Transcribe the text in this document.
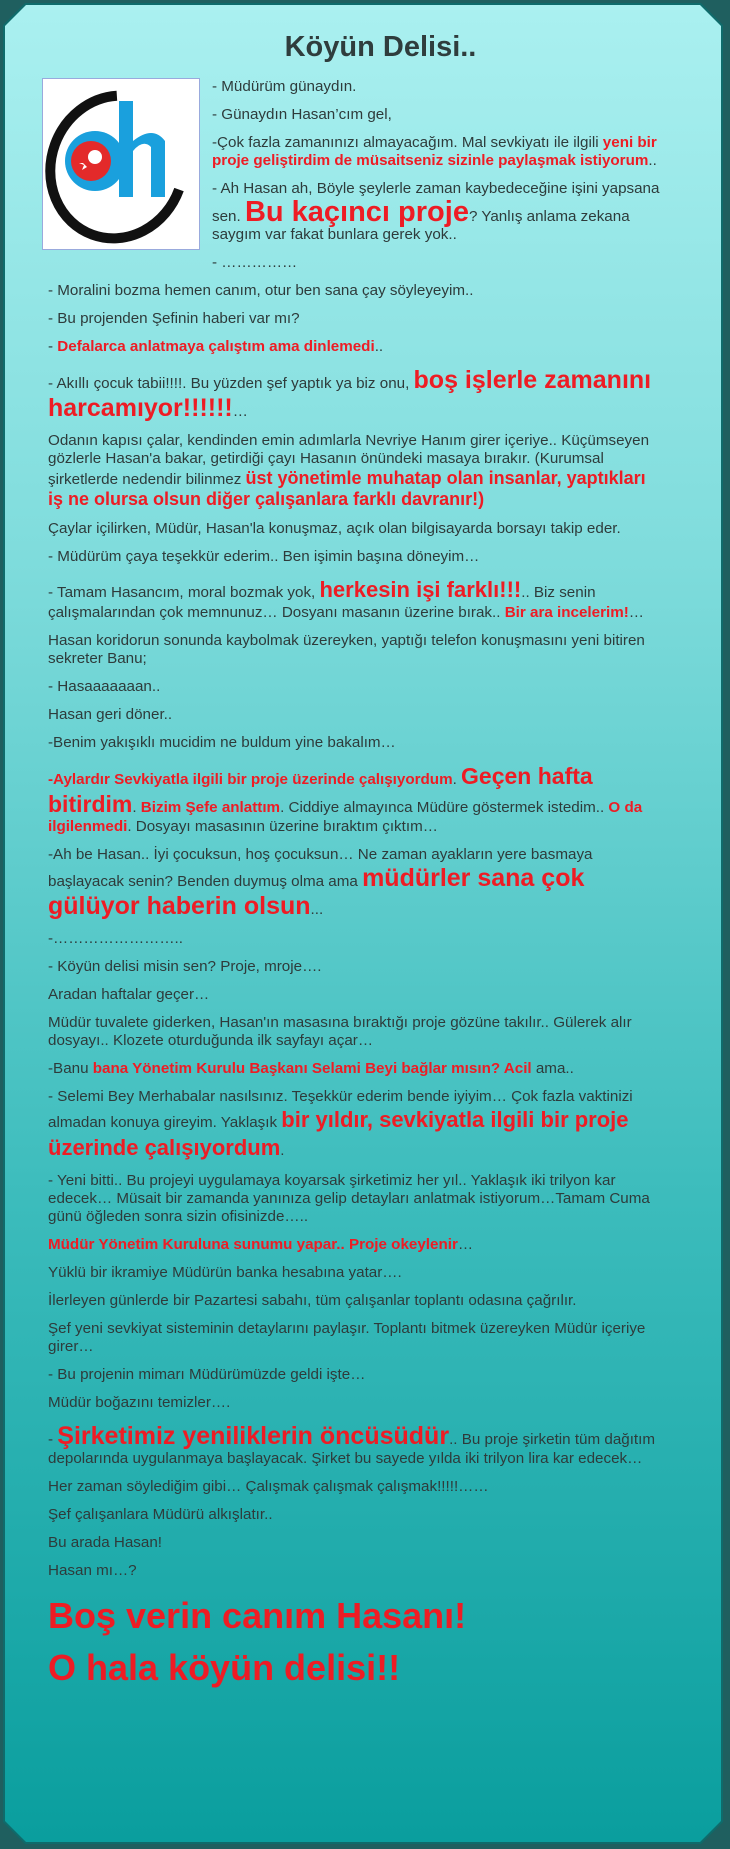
Köyün Delisi..

- Müdürüm günaydın.

- Günaydın Hasan’cım gel,

-Çok fazla zamanınızı almayacağım. Mal sevkiyatı ile ilgili yeni bir proje geliştirdim de müsaitseniz sizinle paylaşmak istiyorum..

- Ah Hasan ah, Böyle şeylerle zaman kaybedeceğine işini yapsana sen. Bu kaçıncı proje? Yanlış anlama zekana saygım var fakat bunlara gerek yok..

- ……………

- Moralini bozma hemen canım, otur ben sana çay söyleyeyim..

- Bu projenden Şefinin haberi var mı?

- Defalarca anlatmaya çalıştım ama dinlemedi..

- Akıllı çocuk tabii!!!!. Bu yüzden şef yaptık ya biz onu, boş işlerle zamanını harcamıyor!!!!!!…

Odanın kapısı çalar, kendinden emin adımlarla Nevriye Hanım girer içeriye.. Küçümseyen gözlerle Hasan'a bakar, getirdiği çayı Hasanın önündeki masaya bırakır. (Kurumsal şirketlerde nedendir bilinmez üst yönetimle muhatap olan insanlar, yaptıkları iş ne olursa olsun diğer çalışanlara farklı davranır!)

Çaylar içilirken, Müdür, Hasan'la konuşmaz, açık olan bilgisayarda borsayı takip eder.

- Müdürüm çaya teşekkür ederim.. Ben işimin başına döneyim…

- Tamam Hasancım, moral bozmak yok, herkesin işi farklı!!!.. Biz senin çalışmalarından çok memnunuz… Dosyanı masanın üzerine bırak.. Bir ara incelerim!…

Hasan koridorun sonunda kaybolmak üzereyken, yaptığı telefon konuşmasını yeni bitiren sekreter Banu;

- Hasaaaaaaan..

Hasan geri döner..

-Benim yakışıklı mucidim ne buldum yine bakalım…

-Aylardır Sevkiyatla ilgili bir proje üzerinde çalışıyordum. Geçen hafta bitirdim. Bizim Şefe anlattım. Ciddiye almayınca Müdüre göstermek istedim.. O da ilgilenmedi. Dosyayı masasının üzerine bıraktım çıktım…

-Ah be Hasan.. İyi çocuksun, hoş çocuksun… Ne zaman ayakların yere basmaya başlayacak senin? Benden duymuş olma ama müdürler sana çok gülüyor haberin olsun...

-……………………..

- Köyün delisi misin sen? Proje, mroje….

Aradan haftalar geçer…

Müdür tuvalete giderken, Hasan'ın masasına bıraktığı proje gözüne takılır.. Gülerek alır dosyayı.. Klozete oturduğunda ilk sayfayı açar…

-Banu bana Yönetim Kurulu Başkanı Selami Beyi bağlar mısın? Acil ama..

- Selemi Bey Merhabalar nasılsınız. Teşekkür ederim bende iyiyim… Çok fazla vaktinizi almadan konuya gireyim. Yaklaşık bir yıldır, sevkiyatla ilgili bir proje üzerinde çalışıyordum.

- Yeni bitti.. Bu projeyi uygulamaya koyarsak şirketimiz her yıl.. Yaklaşık iki trilyon kar edecek… Müsait bir zamanda yanınıza gelip detayları anlatmak istiyorum…Tamam Cuma günü öğleden sonra sizin ofisinizde…..

Müdür Yönetim Kuruluna sunumu yapar.. Proje okeylenir…

Yüklü bir ikramiye Müdürün banka hesabına yatar….

İlerleyen günlerde bir Pazartesi sabahı, tüm çalışanlar toplantı odasına çağrılır.

Şef yeni sevkiyat sisteminin detaylarını paylaşır. Toplantı bitmek üzereyken Müdür içeriye girer…

- Bu projenin mimarı Müdürümüzde geldi işte…

Müdür boğazını temizler….

- Şirketimiz yeniliklerin öncüsüdür.. Bu proje şirketin tüm dağıtım depolarında uygulanmaya başlayacak. Şirket bu sayede yılda iki trilyon lira kar edecek…

Her zaman söylediğim gibi… Çalışmak çalışmak çalışmak!!!!!……

Şef çalışanlara Müdürü alkışlatır..

Bu arada Hasan!

Hasan mı…?

Boş verin canım Hasanı!

O hala köyün delisi!!
